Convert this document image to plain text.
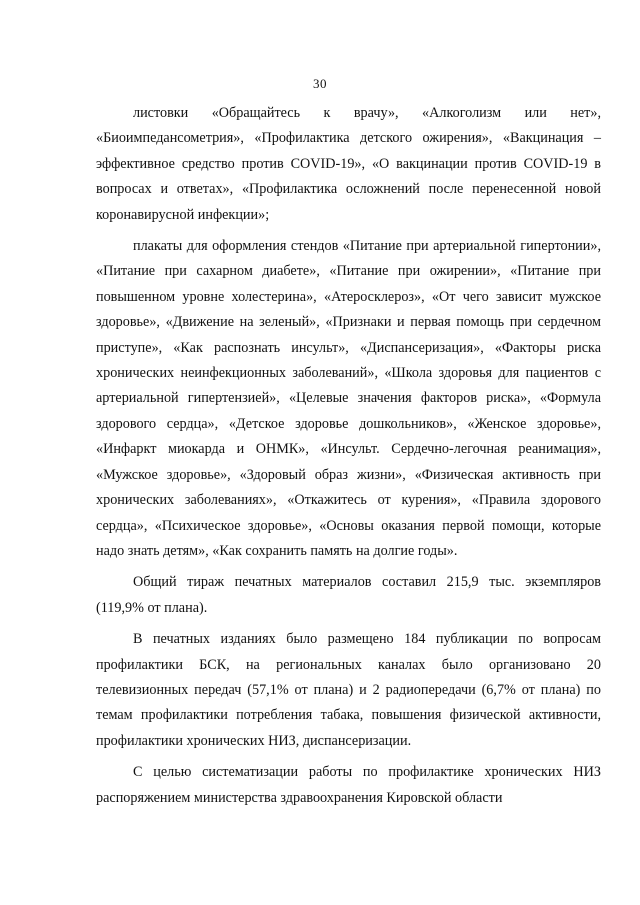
30

листовки «Обращайтесь к врачу», «Алкоголизм или нет», «Биоимпедансометрия», «Профилактика детского ожирения», «Вакцинация – эффективное средство против COVID-19», «О вакцинации против COVID-19 в вопросах и ответах», «Профилактика осложнений после перенесенной новой коронавирусной инфекции»;

плакаты для оформления стендов «Питание при артериальной гипертонии», «Питание при сахарном диабете», «Питание при ожирении», «Питание при повышенном уровне холестерина», «Атеросклероз», «От чего зависит мужское здоровье», «Движение на зеленый», «Признаки и первая помощь при сердечном приступе», «Как распознать инсульт», «Диспансеризация», «Факторы риска хронических неинфекционных заболеваний», «Школа здоровья для пациентов с артериальной гипертензией», «Целевые значения факторов риска», «Формула здорового сердца», «Детское здоровье дошкольников», «Женское здоровье», «Инфаркт миокарда и ОНМК», «Инсульт. Сердечно-легочная реанимация», «Мужское здоровье», «Здоровый образ жизни», «Физическая активность при хронических заболеваниях», «Откажитесь от курения», «Правила здорового сердца», «Психическое здоровье», «Основы оказания первой помощи, которые надо знать детям», «Как сохранить память на долгие годы».

Общий тираж печатных материалов составил 215,9 тыс. экземпляров (119,9% от плана).

В печатных изданиях было размещено 184 публикации по вопросам профилактики БСК, на региональных каналах было организовано 20 телевизионных передач (57,1% от плана) и 2 радиопередачи (6,7% от плана) по темам профилактики потребления табака, повышения физической активности, профилактики хронических НИЗ, диспансеризации.

С целью систематизации работы по профилактике хронических НИЗ распоряжением министерства здравоохранения Кировской области
